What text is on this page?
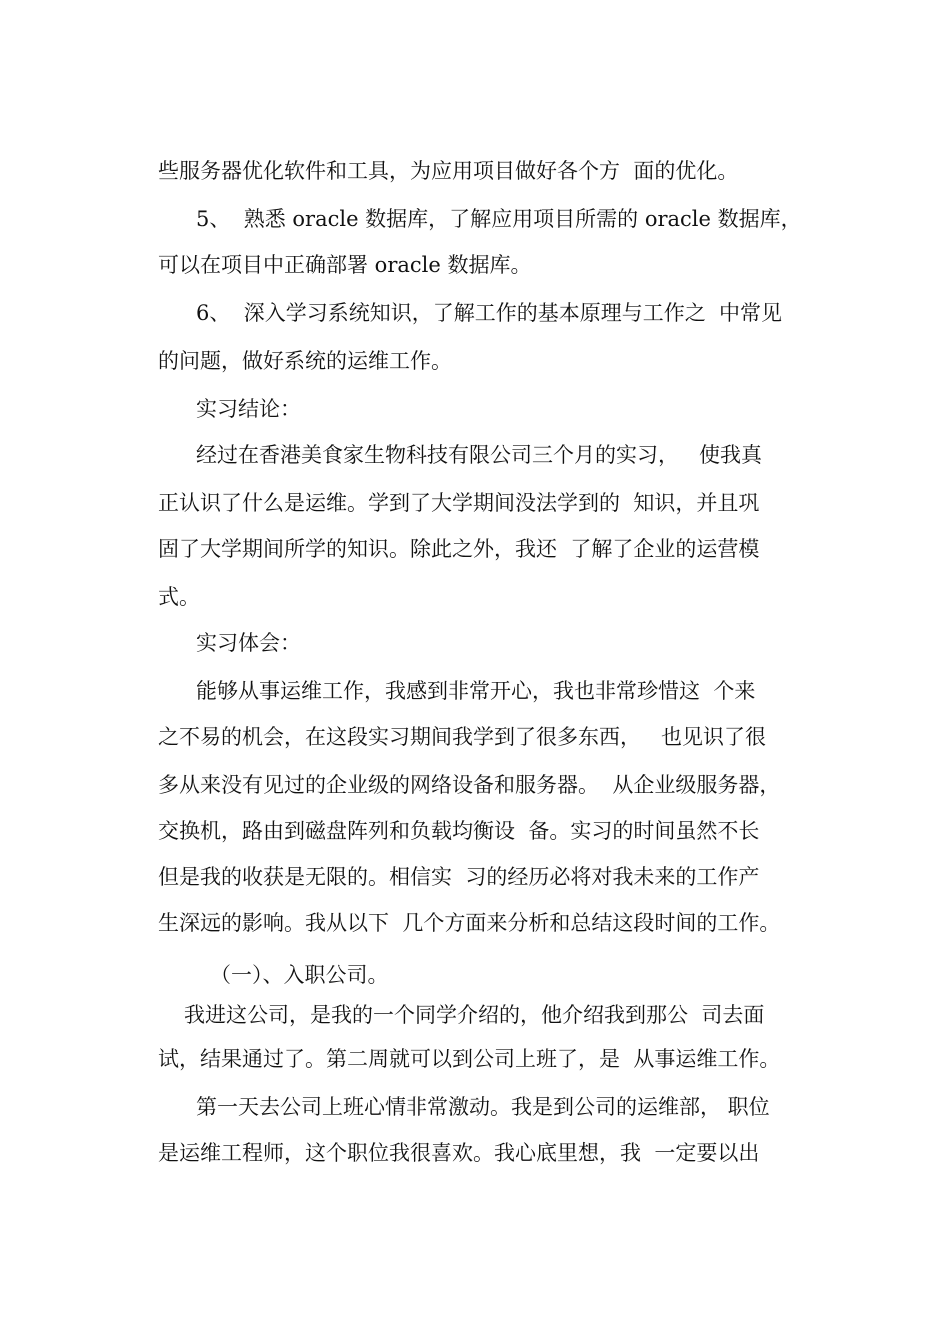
些服务器优化软件和工具，为应用项目做好各个方  面的优化。
5、  熟悉 oracle 数据库，了解应用项目所需的 oracle 数据库，
可以在项目中正确部署 oracle 数据库。
6、  深入学习系统知识，了解工作的基本原理与工作之  中常见
的问题，做好系统的运维工作。
实习结论：
经过在香港美食家生物科技有限公司三个月的实习，   使我真
正认识了什么是运维。学到了大学期间没法学到的  知识，并且巩
固了大学期间所学的知识。除此之外，我还  了解了企业的运营模
式。
实习体会：
能够从事运维工作，我感到非常开心，我也非常珍惜这  个来
之不易的机会，在这段实习期间我学到了很多东西，   也见识了很
多从来没有见过的企业级的网络设备和服务器。  从企业级服务器，
交换机，路由到磁盘阵列和负载均衡设  备。实习的时间虽然不长
但是我的收获是无限的。相信实  习的经历必将对我未来的工作产
生深远的影响。我从以下  几个方面来分析和总结这段时间的工作。
（一）、入职公司。
我进这公司，是我的一个同学介绍的，他介绍我到那公  司去面
试，结果通过了。第二周就可以到公司上班了，是  从事运维工作。
第一天去公司上班心情非常激动。我是到公司的运维部， 职位
是运维工程师，这个职位我很喜欢。我心底里想，我  一定要以出
